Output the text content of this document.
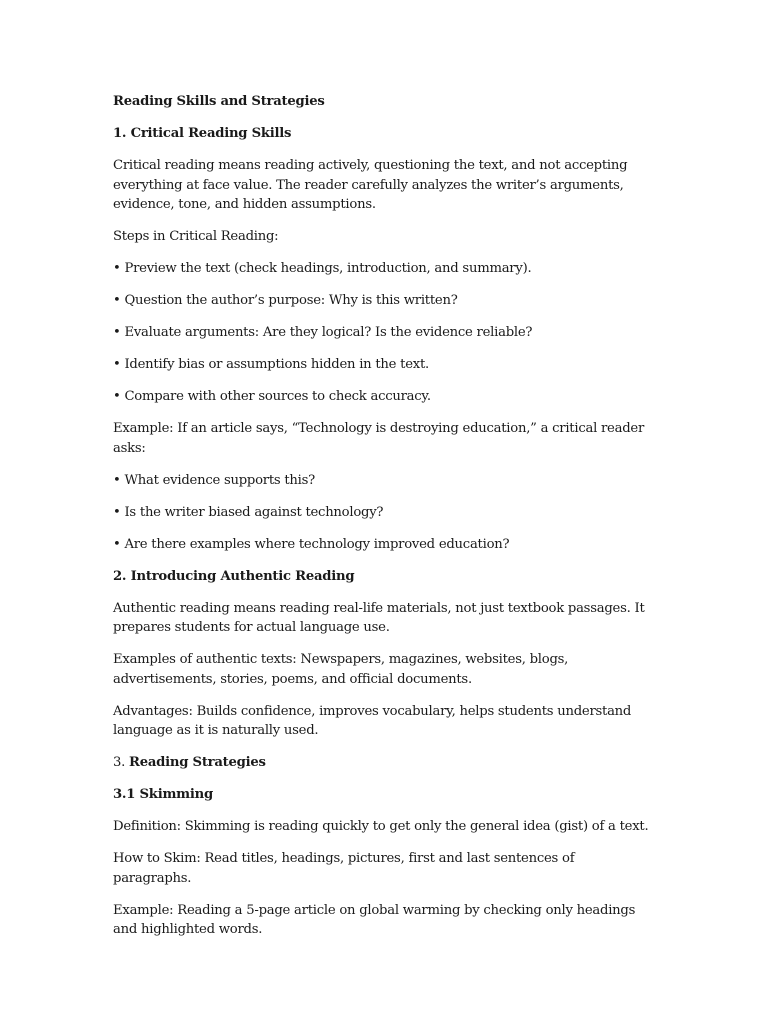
Reading Skills and Strategies

1. Critical Reading Skills

Critical reading means reading actively, questioning the text, and not accepting everything at face value. The reader carefully analyzes the writer’s arguments, evidence, tone, and hidden assumptions.

Steps in Critical Reading:

• Preview the text (check headings, introduction, and summary).

• Question the author’s purpose: Why is this written?

• Evaluate arguments: Are they logical? Is the evidence reliable?

• Identify bias or assumptions hidden in the text.

• Compare with other sources to check accuracy.

Example: If an article says, “Technology is destroying education,” a critical reader asks:

• What evidence supports this?

• Is the writer biased against technology?

• Are there examples where technology improved education?

2. Introducing Authentic Reading

Authentic reading means reading real-life materials, not just textbook passages. It prepares students for actual language use.

Examples of authentic texts: Newspapers, magazines, websites, blogs, advertisements, stories, poems, and official documents.

Advantages: Builds confidence, improves vocabulary, helps students understand language as it is naturally used.

3. Reading Strategies

3.1 Skimming

Definition: Skimming is reading quickly to get only the general idea (gist) of a text.

How to Skim: Read titles, headings, pictures, first and last sentences of paragraphs.

Example: Reading a 5-page article on global warming by checking only headings and highlighted words.
